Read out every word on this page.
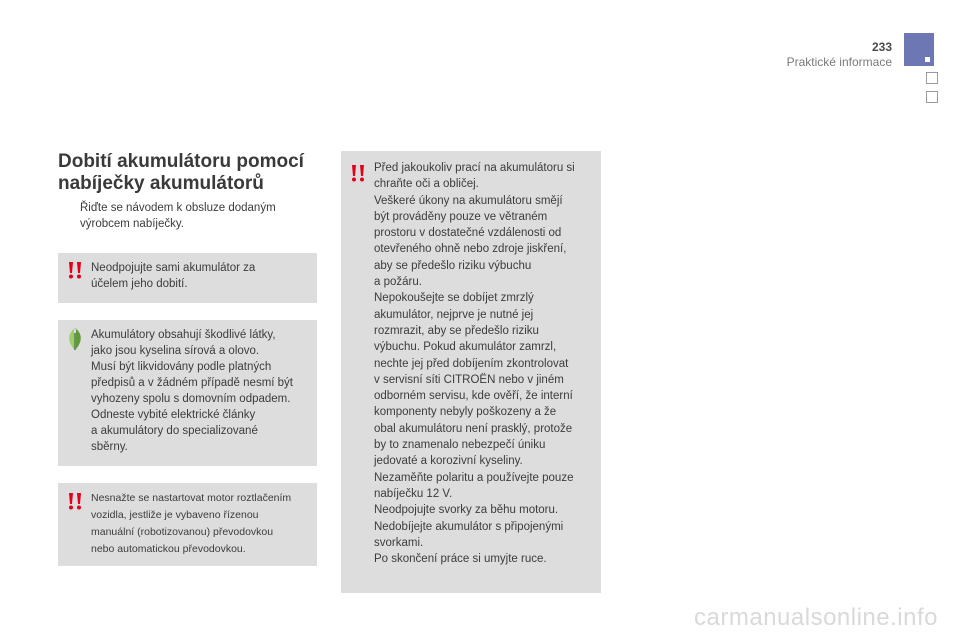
233
Praktické informace
Dobití akumulátoru pomocí nabíječky akumulátorů
Řiďte se návodem k obsluze dodaným výrobcem nabíječky.
Neodpojujte sami akumulátor za
účelem jeho dobití.
Akumulátory obsahují škodlivé látky,
jako jsou kyselina sírová a olovo.
Musí být likvidovány podle platných
předpisů a v žádném případě nesmí být
vyhozeny spolu s domovním odpadem.
Odneste vybité elektrické články
a akumulátory do specializované
sběrny.
Nesnažte se nastartovat motor roztlačením
vozidla, jestliže je vybaveno řízenou
manuální (robotizovanou) převodovkou
nebo automatickou převodovkou.
Před jakoukoliv prací na akumulátoru si
chraňte oči a obličej.
Veškeré úkony na akumulátoru smějí
být prováděny pouze ve větraném
prostoru v dostatečné vzdálenosti od
otevřeného ohně nebo zdroje jiskření,
aby se předešlo riziku výbuchu
a požáru.
Nepokoušejte se dobíjet zmrzlý
akumulátor, nejprve je nutné jej
rozmrazit, aby se předešlo riziku
výbuchu. Pokud akumulátor zamrzl,
nechte jej před dobíjením zkontrolovat
v servisní síti CITROËN nebo v jiném
odborném servisu, kde ověří, že interní
komponenty nebyly poškozeny a že
obal akumulátoru není prasklý, protože
by to znamenalo nebezpečí úniku
jedovaté a korozivní kyseliny.
Nezaměňte polaritu a používejte pouze
nabíječku 12 V.
Neodpojujte svorky za běhu motoru.
Nedobíjejte akumulátor s připojenými
svorkami.
Po skončení práce si umyjte ruce.
carmanualsonline.info
